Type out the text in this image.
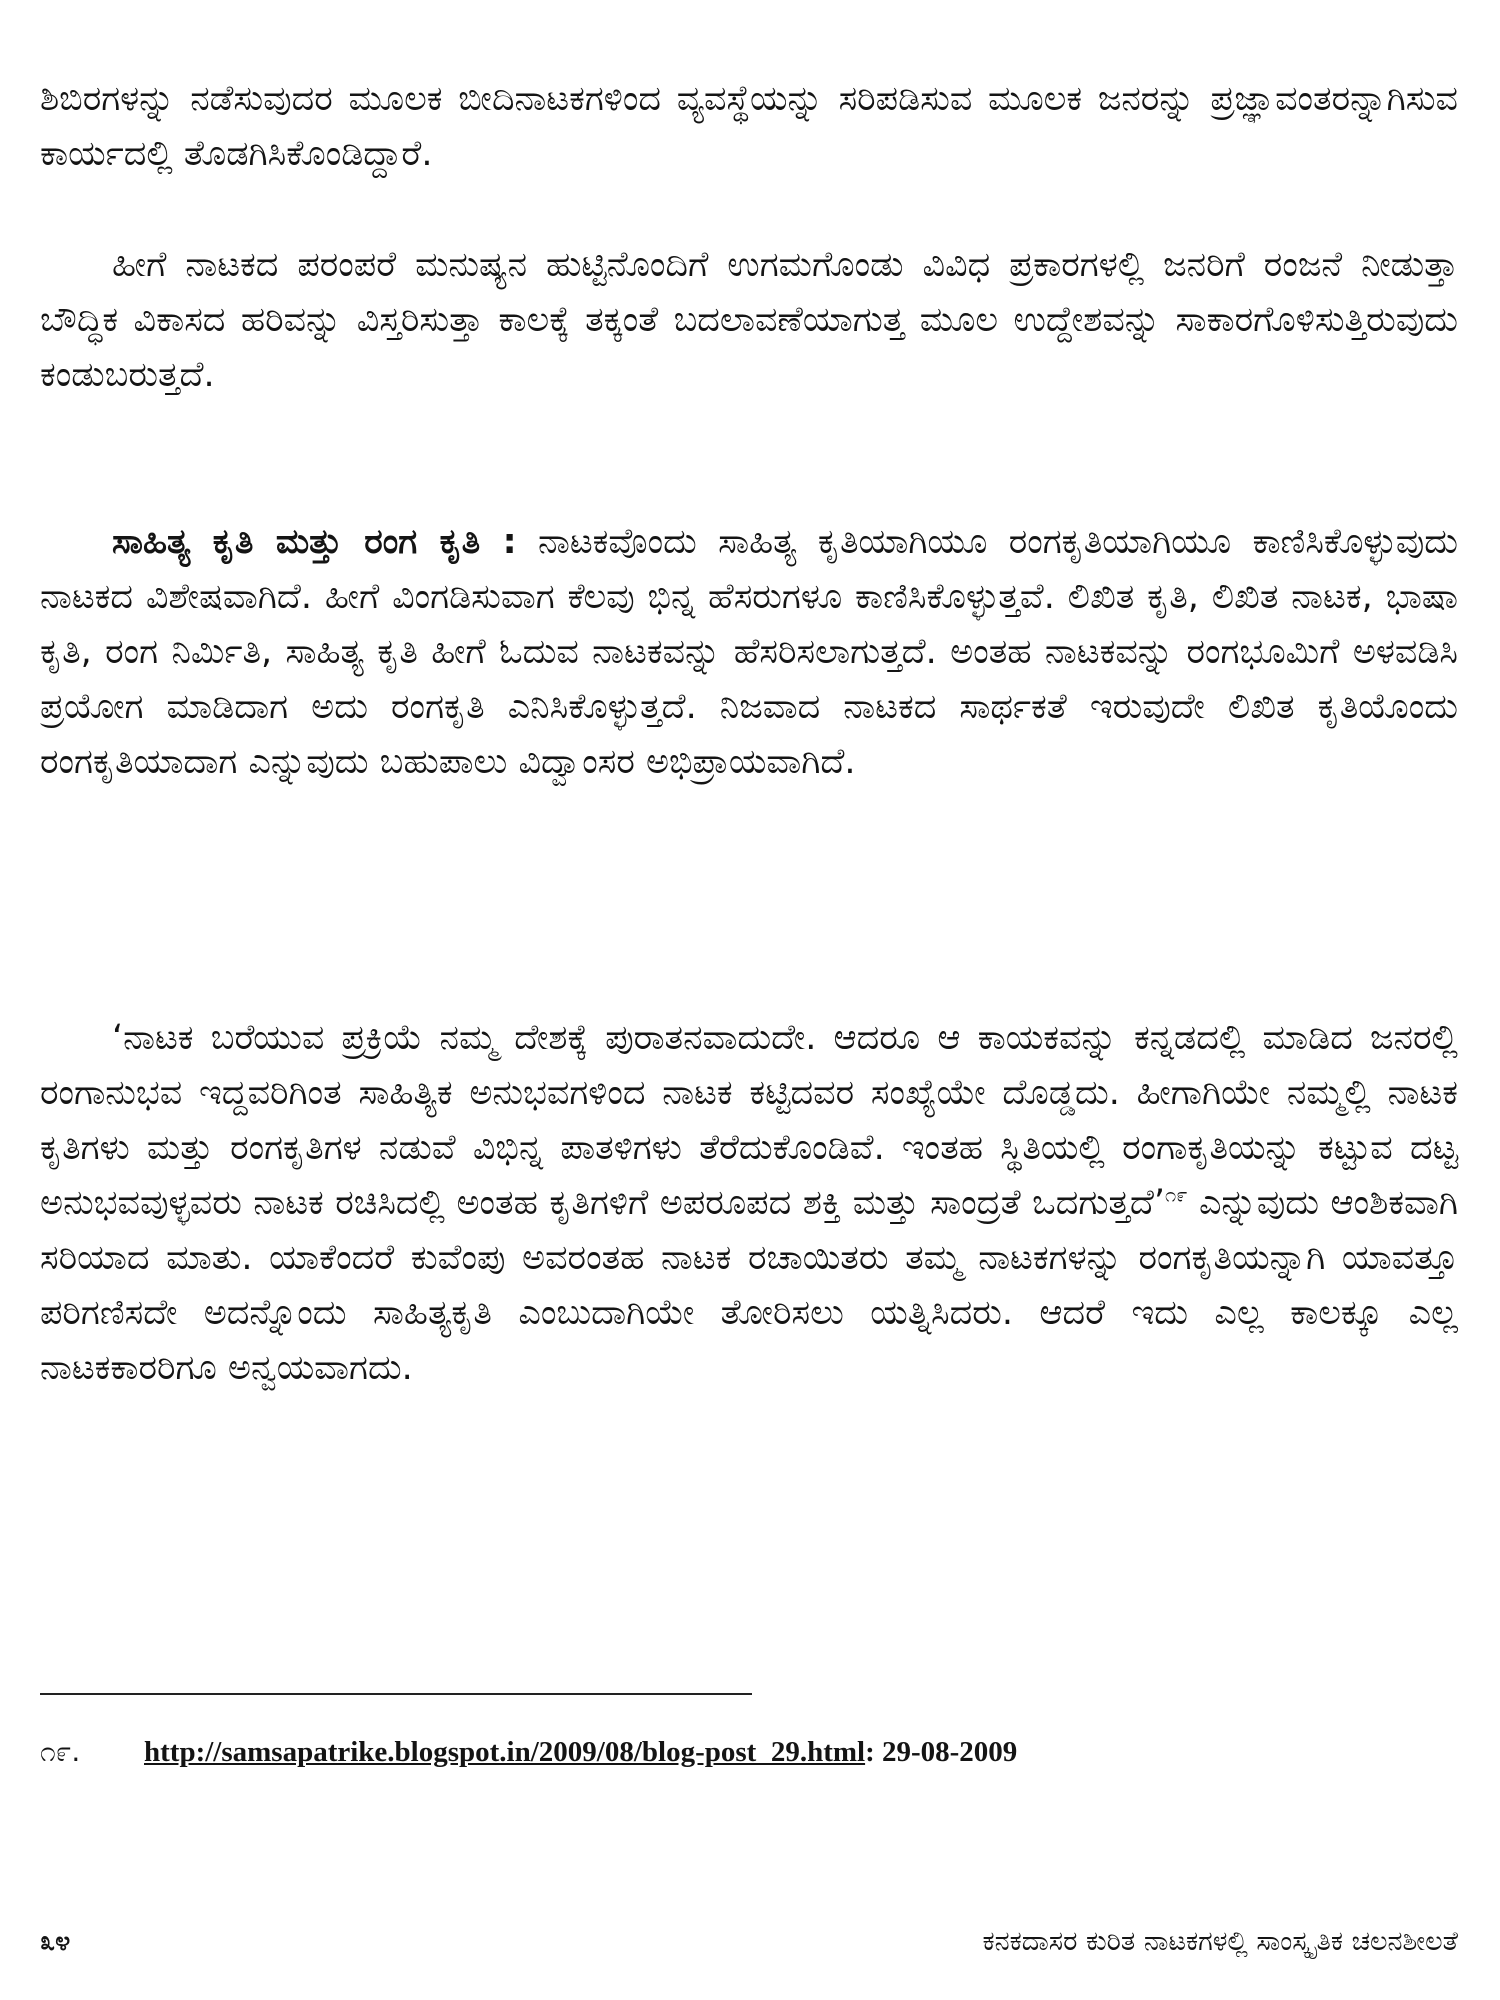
ಶಿಬಿರಗಳನ್ನು ನಡೆಸುವುದರ ಮೂಲಕ ಬೀದಿನಾಟಕಗಳಿಂದ ವ್ಯವಸ್ಥೆಯನ್ನು ಸರಿಪಡಿಸುವ ಮೂಲಕ ಜನರನ್ನು ಪ್ರಜ್ಞಾವಂತರನ್ನಾಗಿಸುವ ಕಾರ್ಯದಲ್ಲಿ ತೊಡಗಿಸಿಕೊಂಡಿದ್ದಾರೆ.

ಹೀಗೆ ನಾಟಕದ ಪರಂಪರೆ ಮನುಷ್ಯನ ಹುಟ್ಟಿನೊಂದಿಗೆ ಉಗಮಗೊಂಡು ವಿವಿಧ ಪ್ರಕಾರಗಳಲ್ಲಿ ಜನರಿಗೆ ರಂಜನೆ ನೀಡುತ್ತಾ ಬೌದ್ಧಿಕ ವಿಕಾಸದ ಹರಿವನ್ನು ವಿಸ್ತರಿಸುತ್ತಾ ಕಾಲಕ್ಕೆ ತಕ್ಕಂತೆ ಬದಲಾವಣೆಯಾಗುತ್ತ ಮೂಲ ಉದ್ದೇಶವನ್ನು ಸಾಕಾರಗೊಳಿಸುತ್ತಿರುವುದು ಕಂಡುಬರುತ್ತದೆ.

ಸಾಹಿತ್ಯ ಕೃತಿ ಮತ್ತು ರಂಗ ಕೃತಿ : ನಾಟಕವೊಂದು ಸಾಹಿತ್ಯ ಕೃತಿಯಾಗಿಯೂ ರಂಗಕೃತಿಯಾಗಿಯೂ ಕಾಣಿಸಿಕೊಳ್ಳುವುದು ನಾಟಕದ ವಿಶೇಷವಾಗಿದೆ. ಹೀಗೆ ವಿಂಗಡಿಸುವಾಗ ಕೆಲವು ಭಿನ್ನ ಹೆಸರುಗಳೂ ಕಾಣಿಸಿಕೊಳ್ಳುತ್ತವೆ. ಲಿಖಿತ ಕೃತಿ, ಲಿಖಿತ ನಾಟಕ, ಭಾಷಾ ಕೃತಿ, ರಂಗ ನಿರ್ಮಿತಿ, ಸಾಹಿತ್ಯ ಕೃತಿ ಹೀಗೆ ಓದುವ ನಾಟಕವನ್ನು ಹೆಸರಿಸಲಾಗುತ್ತದೆ. ಅಂತಹ ನಾಟಕವನ್ನು ರಂಗಭೂಮಿಗೆ ಅಳವಡಿಸಿ ಪ್ರಯೋಗ ಮಾಡಿದಾಗ ಅದು ರಂಗಕೃತಿ ಎನಿಸಿಕೊಳ್ಳುತ್ತದೆ. ನಿಜವಾದ ನಾಟಕದ ಸಾರ್ಥಕತೆ ಇರುವುದೇ ಲಿಖಿತ ಕೃತಿಯೊಂದು ರಂಗಕೃತಿಯಾದಾಗ ಎನ್ನುವುದು ಬಹುಪಾಲು ವಿದ್ವಾಂಸರ ಅಭಿಪ್ರಾಯವಾಗಿದೆ.

‘ನಾಟಕ ಬರೆಯುವ ಪ್ರಕ್ರಿಯೆ ನಮ್ಮ ದೇಶಕ್ಕೆ ಪುರಾತನವಾದುದೇ. ಆದರೂ ಆ ಕಾಯಕವನ್ನು ಕನ್ನಡದಲ್ಲಿ ಮಾಡಿದ ಜನರಲ್ಲಿ ರಂಗಾನುಭವ ಇದ್ದವರಿಗಿಂತ ಸಾಹಿತ್ಯಿಕ ಅನುಭವಗಳಿಂದ ನಾಟಕ ಕಟ್ಟಿದವರ ಸಂಖ್ಯೆಯೇ ದೊಡ್ಡದು. ಹೀಗಾಗಿಯೇ ನಮ್ಮಲ್ಲಿ ನಾಟಕ ಕೃತಿಗಳು ಮತ್ತು ರಂಗಕೃತಿಗಳ ನಡುವೆ ವಿಭಿನ್ನ ಪಾತಳಿಗಳು ತೆರೆದುಕೊಂಡಿವೆ. ಇಂತಹ ಸ್ಥಿತಿಯಲ್ಲಿ ರಂಗಾಕೃತಿಯನ್ನು ಕಟ್ಟುವ ದಟ್ಟ ಅನುಭವವುಳ್ಳವರು ನಾಟಕ ರಚಿಸಿದಲ್ಲಿ ಅಂತಹ ಕೃತಿಗಳಿಗೆ ಅಪರೂಪದ ಶಕ್ತಿ ಮತ್ತು ಸಾಂದ್ರತೆ ಒದಗುತ್ತದೆ’$^{೧೯}$ ಎನ್ನುವುದು ಆಂಶಿಕವಾಗಿ ಸರಿಯಾದ ಮಾತು. ಯಾಕೆಂದರೆ ಕುವೆಂಪು ಅವರಂತಹ ನಾಟಕ ರಚಾಯಿತರು ತಮ್ಮ ನಾಟಕಗಳನ್ನು ರಂಗಕೃತಿಯನ್ನಾಗಿ ಯಾವತ್ತೂ ಪರಿಗಣಿಸದೇ ಅದನ್ನೊಂದು ಸಾಹಿತ್ಯಕೃತಿ ಎಂಬುದಾಗಿಯೇ ತೋರಿಸಲು ಯತ್ನಿಸಿದರು. ಆದರೆ ಇದು ಎಲ್ಲ ಕಾಲಕ್ಕೂ ಎಲ್ಲ ನಾಟಕಕಾರರಿಗೂ ಅನ್ವಯವಾಗದು.

೧೯. http://samsapatrike.blogspot.in/2009/08/blog-post_29.html: 29-08-2009
೩೪	ಕನಕದಾಸರ ಕುರಿತ ನಾಟಕಗಳಲ್ಲಿ ಸಾಂಸ್ಕೃತಿಕ ಚಲನಶೀಲತೆ
